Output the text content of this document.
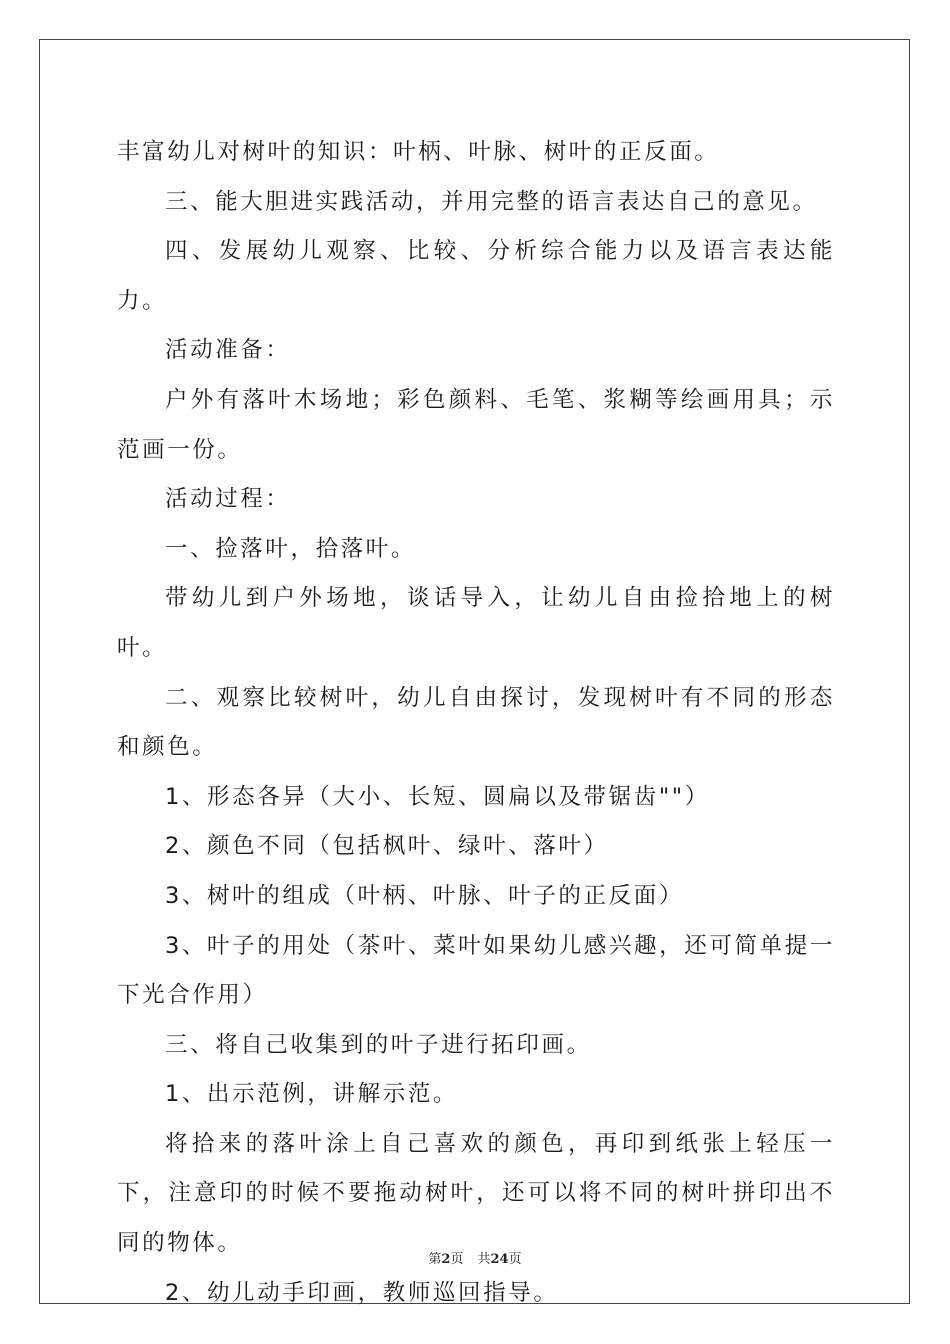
丰富幼儿对树叶的知识：叶柄、叶脉、树叶的正反面。

三、能大胆进实践活动，并用完整的语言表达自己的意见。

四、发展幼儿观察、比较、分析综合能力以及语言表达能力。

活动准备：

户外有落叶木场地；彩色颜料、毛笔、浆糊等绘画用具；示范画一份。

活动过程：

一、捡落叶，拾落叶。

带幼儿到户外场地，谈话导入，让幼儿自由捡拾地上的树叶。

二、观察比较树叶，幼儿自由探讨，发现树叶有不同的形态和颜色。

1、形态各异（大小、长短、圆扁以及带锯齿""）

2、颜色不同（包括枫叶、绿叶、落叶）

3、树叶的组成（叶柄、叶脉、叶子的正反面）

3、叶子的用处（茶叶、菜叶如果幼儿感兴趣，还可简单提一下光合作用）

三、将自己收集到的叶子进行拓印画。

1、出示范例，讲解示范。

将拾来的落叶涂上自己喜欢的颜色，再印到纸张上轻压一下，注意印的时候不要拖动树叶，还可以将不同的树叶拼印出不同的物体。

2、幼儿动手印画，教师巡回指导。

第2页 共24页
